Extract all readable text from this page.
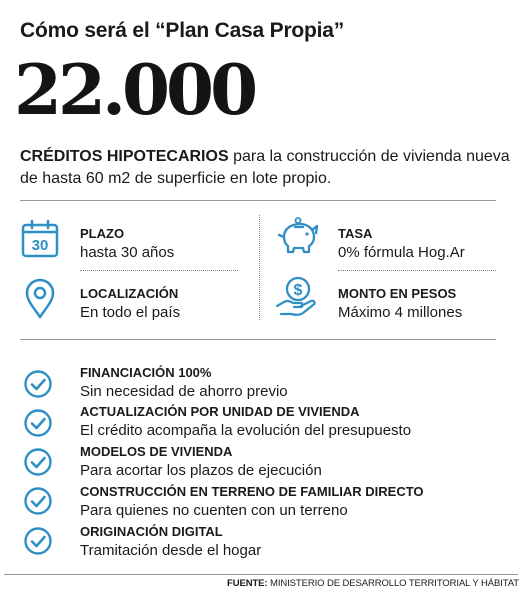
Cómo será el “Plan Casa Propia”
22.000
CRÉDITOS HIPOTECARIOS para la construcción de vivienda nueva de hasta 60 m2 de superficie en lote propio.
30
PLAZO
hasta 30 años
TASA
0% fórmula Hog.Ar
LOCALIZACIÓN
En todo el país
$	MONTO EN PESOS
Máximo 4 millones
FINANCIACIÓN 100%
Sin necesidad de ahorro previo
ACTUALIZACIÓN POR UNIDAD DE VIVIENDA
El crédito acompaña la evolución del presupuesto
MODELOS DE VIVIENDA
Para acortar los plazos de ejecución
CONSTRUCCIÓN EN TERRENO DE FAMILIAR DIRECTO
Para quienes no cuenten con un terreno
ORIGINACIÓN DIGITAL
Tramitación desde el hogar
FUENTE: MINISTERIO DE DESARROLLO TERRITORIAL Y HÁBITAT
